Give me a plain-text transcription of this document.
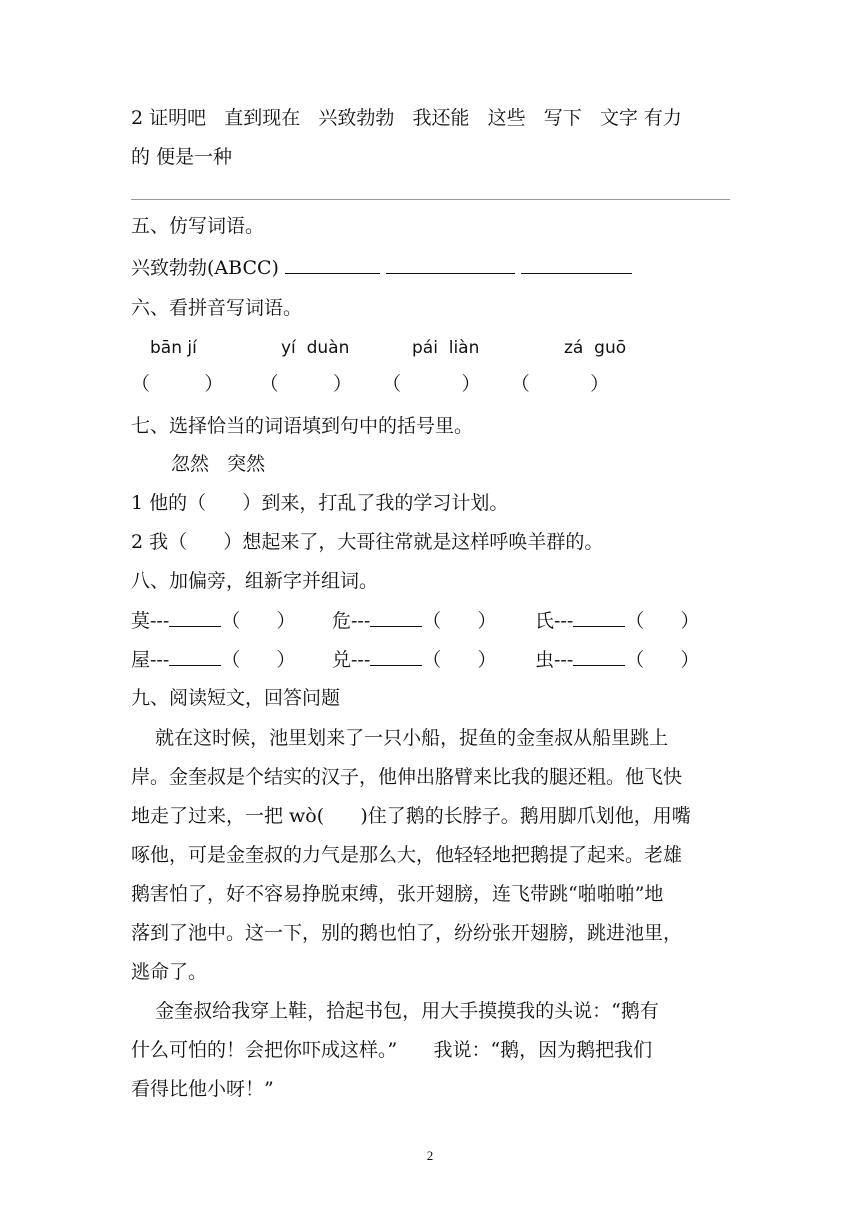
2 证明吧   直到现在   兴致勃勃   我还能   这些   写下   文字 有力
的 便是一种
五、仿写词语。
兴致勃勃(ABCC)
六、看拼音写词语。
bān jí	yí  duàn	pái  liàn	zá  guō
（         ）      （         ）     （          ）     （          ）
七、选择恰当的词语填到句中的括号里。
忽然   突然
1 他的（      ）到来，打乱了我的学习计划。
2 我（      ）想起来了，大哥往常就是这样呼唤羊群的。
八、加偏旁，组新字并组词。
莫---	（      ） 危---	（      ） 氏---	（      ）
屋---	（      ） 兑---	（      ） 虫---	（      ）
九、阅读短文，回答问题
就在这时候，池里划来了一只小船，捉鱼的金奎叔从船里跳上
岸。金奎叔是个结实的汉子，他伸出胳臂来比我的腿还粗。他飞快
地走了过来，一把 wò(      )住了鹅的长脖子。鹅用脚爪划他，用嘴
啄他，可是金奎叔的力气是那么大，他轻轻地把鹅提了起来。老雄
鹅害怕了，好不容易挣脱束缚，张开翅膀，连飞带跳“啪啪啪”地
落到了池中。这一下，别的鹅也怕了，纷纷张开翅膀，跳进池里，
逃命了。
金奎叔给我穿上鞋，拾起书包，用大手摸摸我的头说：“鹅有
什么可怕的！会把你吓成这样。”      我说：“鹅，因为鹅把我们
看得比他小呀！”
2
